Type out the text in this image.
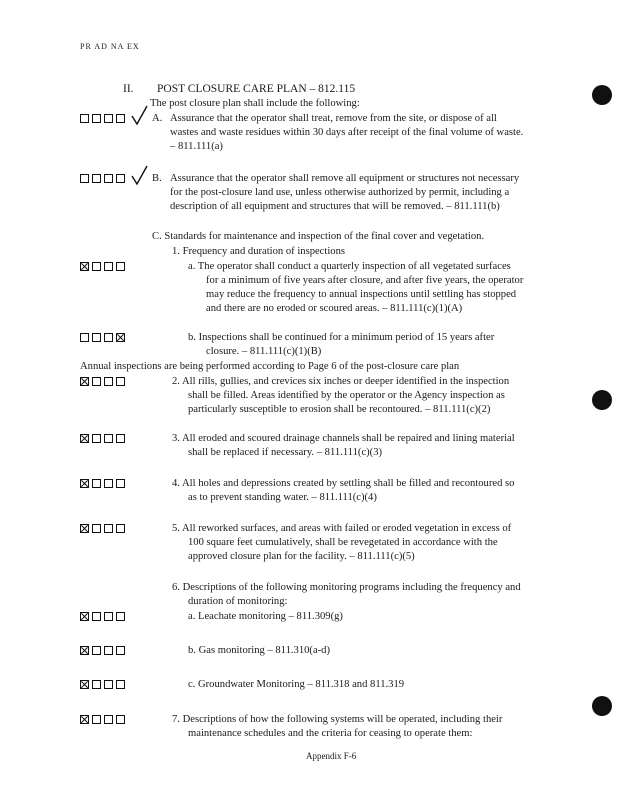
PR AD NA EX
II. POST CLOSURE CARE PLAN – 812.115
The post closure plan shall include the following:
A. Assurance that the operator shall treat, remove from the site, or dispose of all
wastes and waste residues within 30 days after receipt of the final volume of waste.
– 811.111(a)
B. Assurance that the operator shall remove all equipment or structures not necessary
for the post-closure land use, unless otherwise authorized by permit, including a
description of all equipment and structures that will be removed. – 811.111(b)
C. Standards for maintenance and inspection of the final cover and vegetation.
1. Frequency and duration of inspections
a. The operator shall conduct a quarterly inspection of all vegetated surfaces
for a minimum of five years after closure, and after five years, the operator
may reduce the frequency to annual inspections until settling has stopped
and there are no eroded or scoured areas. – 811.111(c)(1)(A)
b. Inspections shall be continued for a minimum period of 15 years after
closure. – 811.111(c)(1)(B)
Annual inspections are being performed according to Page 6 of the post-closure care plan
2. All rills, gullies, and crevices six inches or deeper identified in the inspection
shall be filled. Areas identified by the operator or the Agency inspection as
particularly susceptible to erosion shall be recontoured. – 811.111(c)(2)
3. All eroded and scoured drainage channels shall be repaired and lining material
shall be replaced if necessary. – 811.111(c)(3)
4. All holes and depressions created by settling shall be filled and recontoured so
as to prevent standing water. – 811.111(c)(4)
5. All reworked surfaces, and areas with failed or eroded vegetation in excess of
100 square feet cumulatively, shall be revegetated in accordance with the
approved closure plan for the facility. – 811.111(c)(5)
6. Descriptions of the following monitoring programs including the frequency and
duration of monitoring:
a. Leachate monitoring – 811.309(g)
b. Gas monitoring – 811.310(a-d)
c. Groundwater Monitoring – 811.318 and 811.319
7. Descriptions of how the following systems will be operated, including their
maintenance schedules and the criteria for ceasing to operate them:
Appendix F-6
